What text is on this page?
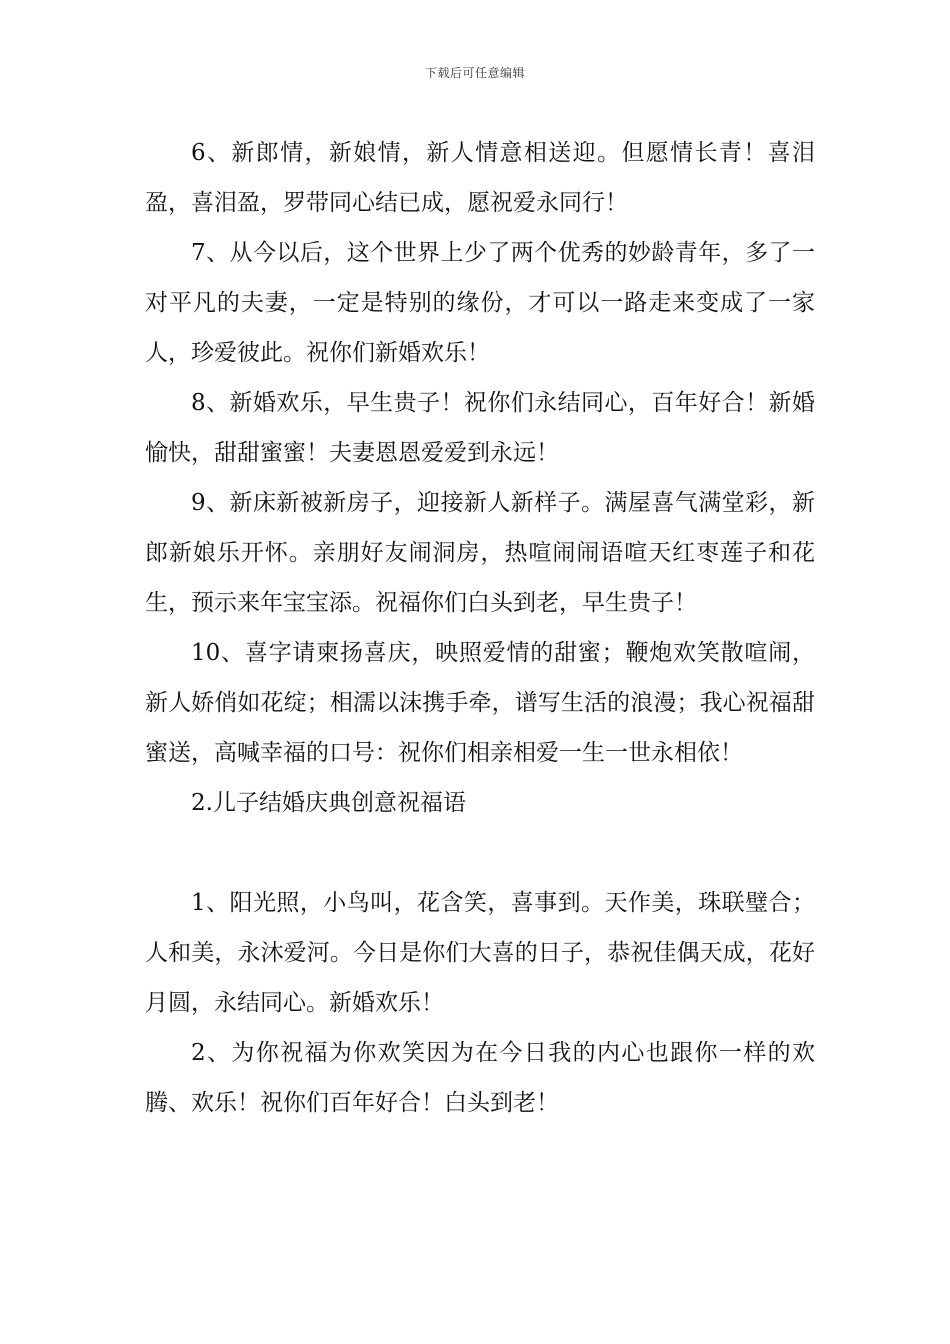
下载后可任意编辑

6、新郎情，新娘情，新人情意相送迎。但愿情长青！喜泪盈，喜泪盈，罗带同心结已成，愿祝爱永同行！

7、从今以后，这个世界上少了两个优秀的妙龄青年，多了一对平凡的夫妻，一定是特别的缘份，才可以一路走来变成了一家人，珍爱彼此。祝你们新婚欢乐！

8、新婚欢乐，早生贵子！祝你们永结同心，百年好合！新婚愉快，甜甜蜜蜜！夫妻恩恩爱爱到永远！

9、新床新被新房子，迎接新人新样子。满屋喜气满堂彩，新郎新娘乐开怀。亲朋好友闹洞房，热喧闹闹语喧天红枣莲子和花生，预示来年宝宝添。祝福你们白头到老，早生贵子！

10、喜字请柬扬喜庆，映照爱情的甜蜜；鞭炮欢笑散喧闹，新人娇俏如花绽；相濡以沫携手牵，谱写生活的浪漫；我心祝福甜蜜送，高喊幸福的口号：祝你们相亲相爱一生一世永相依！

2.儿子结婚庆典创意祝福语

1、阳光照，小鸟叫，花含笑，喜事到。天作美，珠联璧合；人和美，永沐爱河。今日是你们大喜的日子，恭祝佳偶天成，花好月圆，永结同心。新婚欢乐！

2、为你祝福为你欢笑因为在今日我的内心也跟你一样的欢腾、欢乐！祝你们百年好合！白头到老！
